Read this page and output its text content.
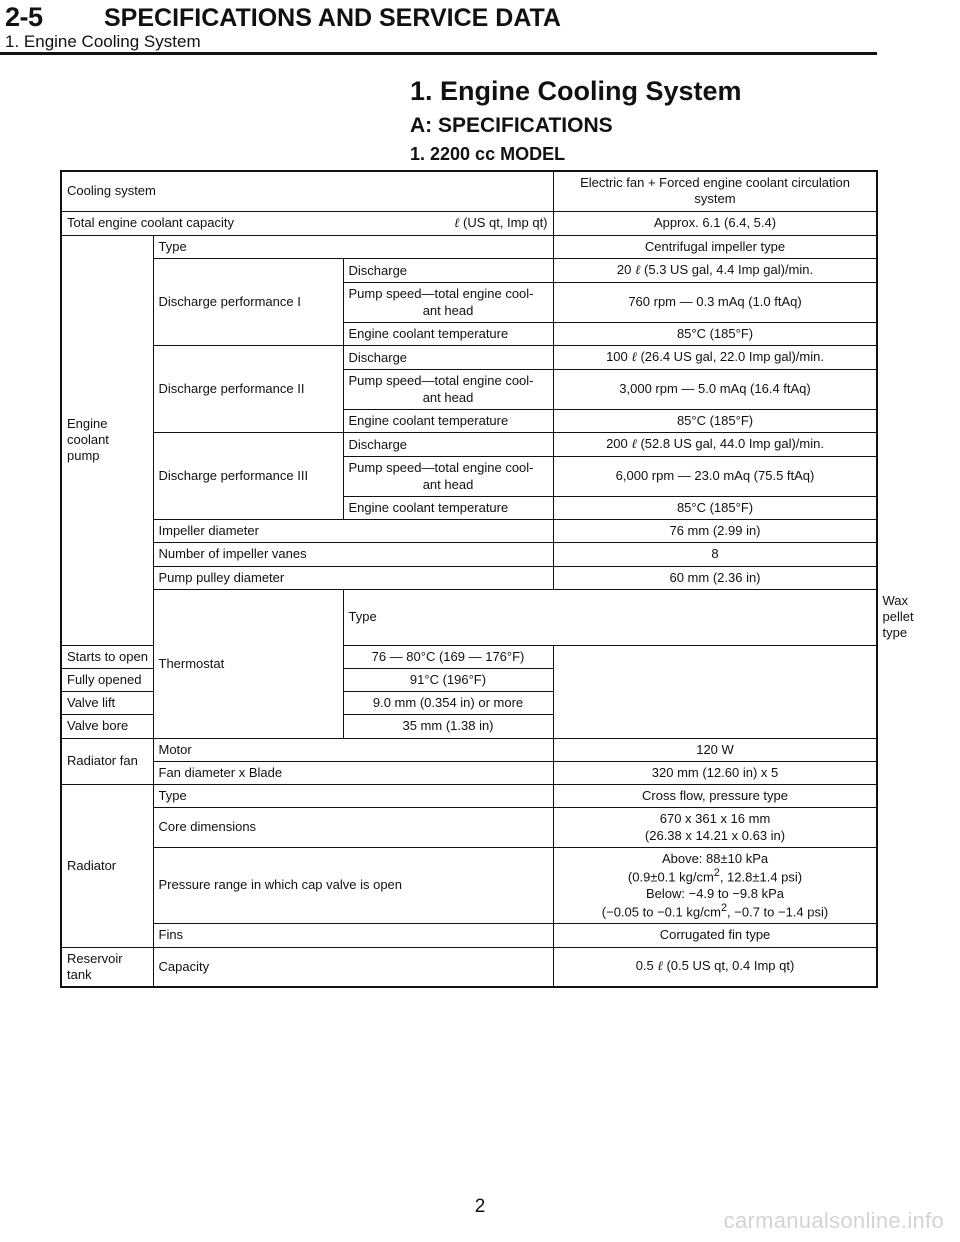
2-5 SPECIFICATIONS AND SERVICE DATA
1. Engine Cooling System
1. Engine Cooling System
A: SPECIFICATIONS
1. 2200 cc MODEL
Cooling system			Electric fan + Forced engine coolant circulation
system	

Total engine coolant capacity ℓ (US qt, Imp qt)			Approx. 6.1 (6.4, 5.4)	

Engine
coolant
pump	Type		Centrifugal impeller type	
	Discharge performance I	Discharge	20 ℓ (5.3 US gal, 4.4 Imp gal)/min.	

		Pump speed—total engine cool-
ant head	760 rpm — 0.3 mAq (1.0 ftAq)	
		Engine coolant temperature	85°C (185°F)	
	Discharge performance II	Discharge	100 ℓ (26.4 US gal, 22.0 Imp gal)/min.	

		Pump speed—total engine cool-
ant head	3,000 rpm — 5.0 mAq (16.4 ftAq)	
		Engine coolant temperature	85°C (185°F)	
	Discharge performance III	Discharge	200 ℓ (52.8 US gal, 44.0 Imp gal)/min.	

		Pump speed—total engine cool-
ant head	6,000 rpm — 23.0 mAq (75.5 ftAq)	
		Engine coolant temperature	85°C (185°F)	
	Impeller diameter		76 mm (2.99 in)	
	Number of impeller vanes		8	
	Pump pulley diameter		60 mm (2.36 in)	
	Thermostat	Type		Wax pellet type
Starts to open		76 — 80°C (169 — 176°F)		
Fully opened		91°C (196°F)		
Valve lift		9.0 mm (0.354 in) or more		
Valve bore		35 mm (1.38 in)		
Radiator fan	Motor		120 W	
	Fan diameter x Blade		320 mm (12.60 in) x 5	
Radiator	Type		Cross flow, pressure type	
	Core dimensions		670 x 361 x 16 mm
(26.38 x 14.21 x 0.63 in)	

	Pressure range in which cap valve is open		Above: 88±10 kPa
(0.9±0.1 $kg/cm^2$, 12.8±1.4 psi)
Below: −4.9 to −9.8 kPa
(−0.05 to −0.1 $kg/cm^2$, −0.7 to −1.4 psi)	

	Fins		Corrugated fin type	

Reservoir
tank	Capacity		0.5 ℓ (0.5 US qt, 0.4 Imp qt)	
2
carmanualsonline.info
